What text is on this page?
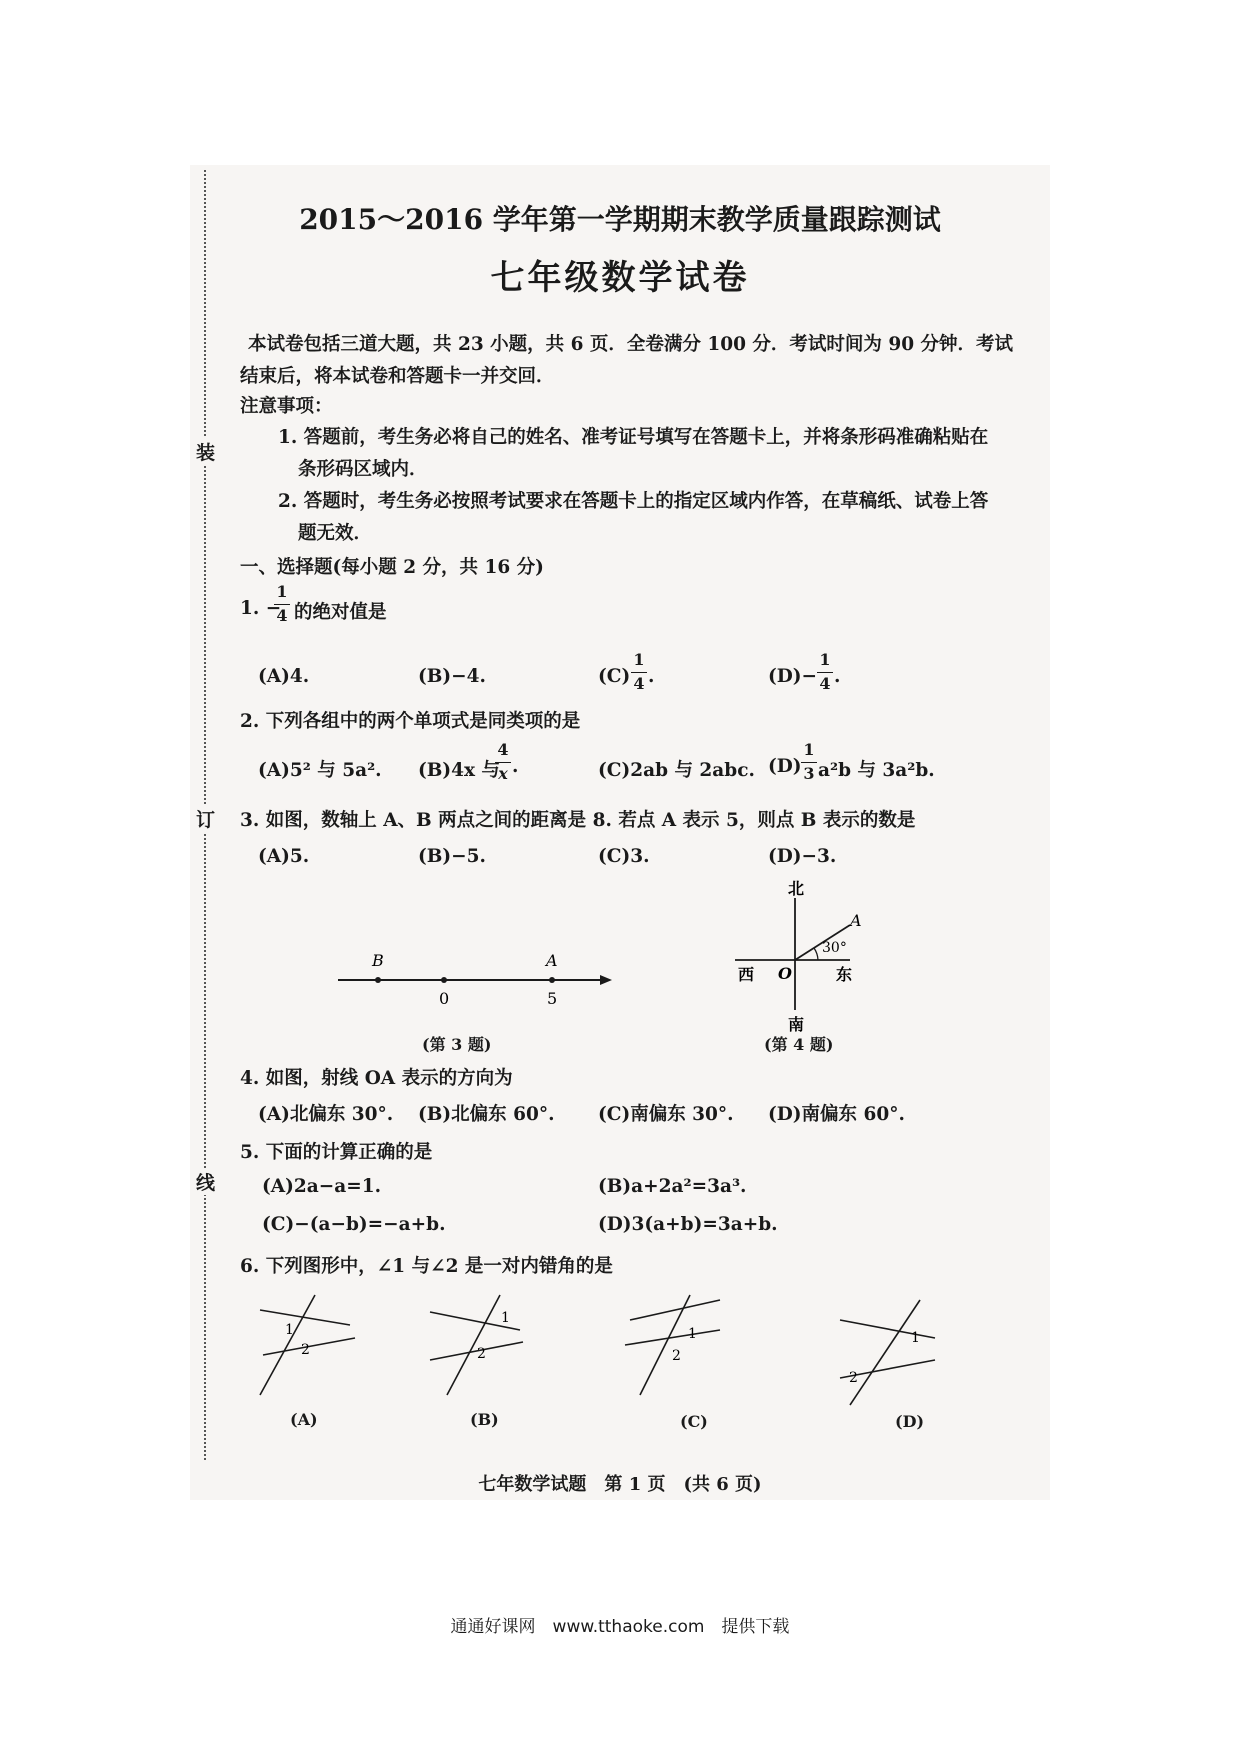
装
订
线
2015～2016 学年第一学期期末教学质量跟踪测试
七年级数学试卷
本试卷包括三道大题，共 23 小题，共 6 页．全卷满分 100 分．考试时间为 90 分钟．考试
结束后，将本试卷和答题卡一并交回．
注意事项：
1. 答题前，考生务必将自己的姓名、准考证号填写在答题卡上，并将条形码准确粘贴在
条形码区域内．
2. 答题时，考生务必按照考试要求在答题卡上的指定区域内作答，在草稿纸、试卷上答
题无效．
一、选择题(每小题 2 分，共 16 分)
1. −
1
4 的绝对值是
(A)4.	(B)−4.	(C)
1
4 .	(D)−
1
4 .
2. 下列各组中的两个单项式是同类项的是
(A)5² 与 5a². (B)4x 与
4
x .	(C)2ab 与 2abc. (D)
1
3 a²b 与 3a²b.
3. 如图，数轴上 A、B 两点之间的距离是 8. 若点 A 表示 5，则点 B 表示的数是
(A)5.	(B)−5.	(C)3.	(D)−3.
B
0
A
5
(第 3 题)
北
南
西	东
O
A
30°
(第 4 题)
4. 如图，射线 OA 表示的方向为
(A)北偏东 30°. (B)北偏东 60°. (C)南偏东 30°. (D)南偏东 60°.
5. 下面的计算正确的是
(A)2a−a=1.	(B)a+2a²=3a³.
(C)−(a−b)=−a+b.	(D)3(a+b)=3a+b.
6. 下列图形中，∠1 与∠2 是一对内错角的是
1
2
1
2
1
2
1
2
(A)	(B)	(C)	(D)
七年数学试题　第 1 页　(共 6 页)
通通好课网　www.tthaoke.com　提供下载
